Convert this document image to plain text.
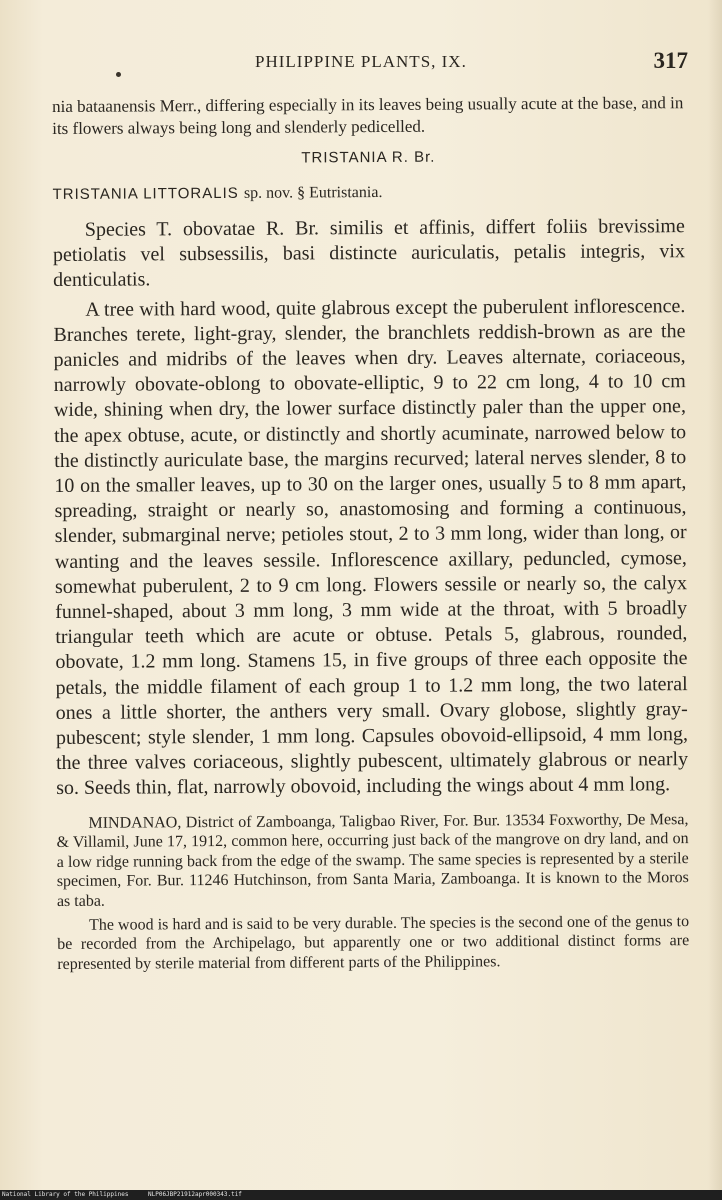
PHILIPPINE PLANTS, IX.	317

nia bataanensis Merr., differing especially in its leaves being usually acute at the base, and in its flowers always being long and slenderly pedicelled.

TRISTANIA R. Br.

TRISTANIA LITTORALIS sp. nov. § Eutristania.

Species T. obovatae R. Br. similis et affinis, differt foliis brevissime petiolatis vel subsessilis, basi distincte auriculatis, petalis integris, vix denticulatis.

A tree with hard wood, quite glabrous except the puberulent inflorescence. Branches terete, light-gray, slender, the branchlets reddish-brown as are the panicles and midribs of the leaves when dry. Leaves alternate, coriaceous, narrowly obovate-oblong to obovate-elliptic, 9 to 22 cm long, 4 to 10 cm wide, shining when dry, the lower surface distinctly paler than the upper one, the apex obtuse, acute, or distinctly and shortly acuminate, narrowed below to the distinctly auriculate base, the margins recurved; lateral nerves slender, 8 to 10 on the smaller leaves, up to 30 on the larger ones, usually 5 to 8 mm apart, spreading, straight or nearly so, anastomosing and forming a continuous, slender, submarginal nerve; petioles stout, 2 to 3 mm long, wider than long, or wanting and the leaves sessile. Inflorescence axillary, peduncled, cymose, somewhat puberulent, 2 to 9 cm long. Flowers sessile or nearly so, the calyx funnel-shaped, about 3 mm long, 3 mm wide at the throat, with 5 broadly triangular teeth which are acute or obtuse. Petals 5, glabrous, rounded, obovate, 1.2 mm long. Stamens 15, in five groups of three each opposite the petals, the middle filament of each group 1 to 1.2 mm long, the two lateral ones a little shorter, the anthers very small. Ovary globose, slightly gray-pubescent; style slender, 1 mm long. Capsules obovoid-ellipsoid, 4 mm long, the three valves coriaceous, slightly pubescent, ultimately glabrous or nearly so. Seeds thin, flat, narrowly obovoid, including the wings about 4 mm long.

MINDANAO, District of Zamboanga, Taligbao River, For. Bur. 13534 Foxworthy, De Mesa, & Villamil, June 17, 1912, common here, occurring just back of the mangrove on dry land, and on a low ridge running back from the edge of the swamp. The same species is represented by a sterile specimen, For. Bur. 11246 Hutchinson, from Santa Maria, Zamboanga. It is known to the Moros as taba.

The wood is hard and is said to be very durable. The species is the second one of the genus to be recorded from the Archipelago, but apparently one or two additional distinct forms are represented by sterile material from different parts of the Philippines.

National Library of the Philippines	NLP06JBP21912apr000343.tif
